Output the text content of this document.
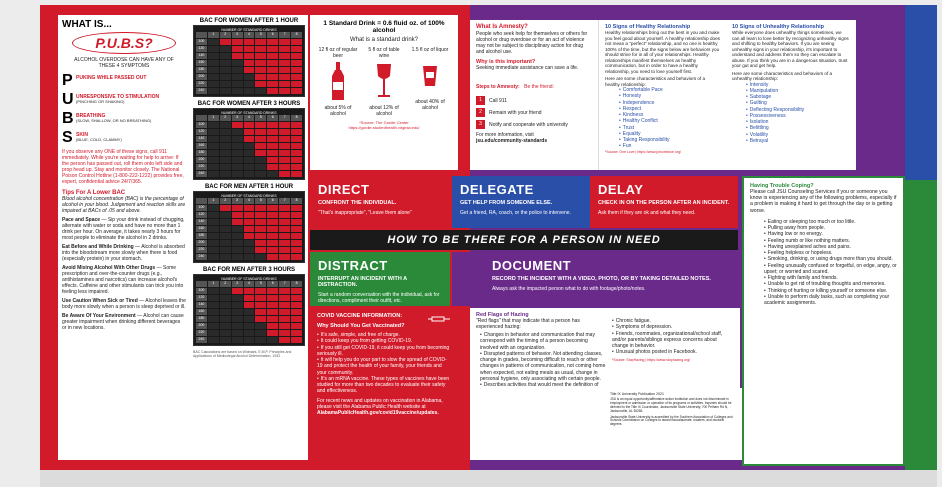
WHAT IS...
P.U.B.S?
ALCOHOL OVERDOSE CAN HAVE ANY OF THESE 4 SYMPTOMS
P PUKING WHILE PASSED OUT
U UNRESPONSIVE TO STIMULATION
(PINCHING OR SHAKING)
B BREATHING
(SLOW, SHALLOW, OR NO BREATHING)
S SKIN
(BLUE, COLD, CLAMMY)
If you observe any ONE of these signs, call 911 immediately. While you're waiting for help to arrive: If the person has passed out, roll them onto left side and prop head up. Stay and monitor closely. The National Poison Control Hotline (1-800-222-1222) provides free, expert, confidential advice 24/7/365.
Tips For A Lower BAC
Blood alcohol concentration (BAC) is the percentage of alcohol in your blood. Judgement and reaction skills are impaired at BACs of .05 and above.
Pace and Space — Sip your drink instead of chugging, alternate with water or soda and have no more than 1 drink per hour. On average, it takes nearly 3 hours for most people to eliminate the alcohol in 2 drinks.
Eat Before and While Drinking — Alcohol is absorbed into the bloodstream more slowly when there is food (especially protein) in your stomach.
Avoid Mixing Alcohol With Other Drugs — Some prescription and over-the-counter drugs (e.g., antihistamines and narcotics) can increase alcohol's effects. Caffeine and other stimulants can trick you into feeling less impaired.
Use Caution When Sick or Tired — Alcohol leaves the body more slowly when a person is sleep deprived or ill.
Be Aware Of Your Environment — Alcohol can cause greater impairment when drinking different beverages or in new locations.
BAC FOR WOMEN AFTER 1 HOUR
NUMBER OF STANDARD DRINKS
1	2	3	4	5	6	7	8
100
120
140
160
180
200
220
240
BAC FOR WOMEN AFTER 3 HOURS
NUMBER OF STANDARD DRINKS
1	2	3	4	5	6	7	8
100
120
140
160
180
200
220
240
BAC FOR MEN AFTER 1 HOUR
NUMBER OF STANDARD DRINKS
1	2	3	4	5	6	7	8
100
120
140
160
180
200
220
240
BAC FOR MEN AFTER 3 HOURS
NUMBER OF STANDARD DRINKS
1	2	3	4	5	6	7	8
100
120
140
160
180
200
220
240
BAC Calculations are based on Widmark, E.M.P. Principles and Applications of Medicolegal Alcohol Determination, 1932
1 Standard Drink = 0.6 fluid oz. of 100% alcohol
What is a standard drink?
12 fl oz of regular beer
about 5% of alcohol
5 fl oz of table wine
about 12% of alcohol
1.5 fl oz of liquor
about 40% of alcohol
*Source: The Gordie Center
https://gordie.studenthealth.virginia.edu/
What Is Amnesty?
People who seek help for themselves or others for alcohol or drug overdose or for an act of violence may not be subject to disciplinary action for drug and alcohol use.
Why is this important?
Seeking immediate assistance can save a life.
Steps to Amnesty: Be the friend:
1	Call 911
2	Remain with your friend
3	Notify and cooperate with university
For more information, visit
jsu.edu/community-standards
10 Signs of Healthy Relationship
Healthy relationships bring out the best in you and make you feel good about yourself. A healthy relationship does not mean a "perfect" relationship, and no one is healthy 100% of the time, but the signs below are behaviors you should strive for in all of your relationships. Healthy relationships manifest themselves as healthy communication, but in order to have a healthy relationship, you need to love yourself first.
Here are some characteristics and behaviors of a healthy relationship:
• Comfortable Pace
• Honesty
• Independence
• Respect
• Kindness
• Healthy Conflict
• Trust
• Equality
• Taking Responsibility
• Fun
*Source: One Love | https://www.joinonelove.org/
10 Signs of Unhealthy Relationship
While everyone does unhealthy things sometimes, we can all learn to love better by recognizing unhealthy signs and shifting to healthy behaviors. If you are seeing unhealthy signs in your relationship, it's important to understand and address them so they can escalate to abuse. If you think you are in a dangerous situation, trust your gut and get help.
Here are some characteristics and behaviors of a unhealthy relationship:
• Intensity
• Manipulation
• Sabotage
• Guilting
• Deflecting Responsibility
• Possessiveness
• Isolation
• Belittling
• Volatility
• Betrayal
DIRECT
CONFRONT THE INDIVIDUAL.
"That's inappropriate", "Leave them alone"
DELEGATE
GET HELP FROM SOMEONE ELSE.
Get a friend, RA, coach, or the police to intervene.
DELAY
CHECK IN ON THE PERSON AFTER AN INCIDENT.
Ask them if they are ok and what they need.
HOW TO BE THERE FOR A PERSON IN NEED
DISTRACT
INTERRUPT AN INCIDENT WITH A DISTRACTION.
Start a random conversation with the individual, ask for directions, compliment their outfit, etc.
DOCUMENT
RECORD THE INCIDENT WITH A VIDEO, PHOTO, OR BY TAKING DETAILED NOTES.
Always ask the impacted person what to do with footage/photo/notes.
Having Trouble Coping?
Please call JSU Counseling Services if you or someone you know is experiencing any of the following problems, especially if a problem is making it hard to get through the day or is getting worse.
• Eating or sleeping too much or too little.
• Pulling away from people.
• Having low or no energy.
• Feeling numb or like nothing matters.
• Having unexplained aches and pains.
• Feeling helpless or hopeless.
• Smoking, drinking, or using drugs more than you should.
• Feeling unusually confused or forgetful, on edge, angry, or upset; or worried and scared.
• Fighting with family and friends.
• Unable to get rid of troubling thoughts and memories.
• Thinking of hurting or killing yourself or someone else.
• Unable to perform daily tasks, such as completing your academic assignments.
COVID VACCINE INFORMATION:
Why Should You Get Vaccinated?
• It's safe, simple, and free of charge.
• It could keep you from getting COVID-19.
• If you still get COVID-19, it could keep you from becoming seriously ill.
• It will help you do your part to slow the spread of COVID-19 and protect the health of your family, your friends and your community.
• It's an mRNA vaccine. These types of vaccines have been studied for more than two decades to evaluate their safety and effectiveness.
For recent news and updates on vaccination in Alabama, please visit the Alabama Public Health website at
AlabamaPublicHealth.gov/covid19vaccine/updates.
Red Flags of Hazing
"Red flags" that may indicate that a person has experienced hazing:
• Changes in behavior and communication that may correspond with the timing of a person becoming involved with an organization.
• Disrupted patterns of behavior. Not attending classes, change in grades, becoming difficult to reach or other changes in patterns of communication, not coming home when expected, not eating meals as usual, change in personal hygiene, only associating with certain people.
• Describes activities that would meet the definition of
• Chronic fatigue.
• Symptoms of depression.
• Friends, roommates, organizational/school staff, and/or parents/siblings express concerns about change in behavior.
• Unusual photos posted in Facebook.
*Source: StopHazing | https://www.stophazing.org/
Title IX University Publication 2021
JSU is an equal opportunity/affirmative action institution and does not discriminate in employment or admission or operation of its programs or activities. Inquiries should be directed to the Title IX Coordinator, Jacksonville State University, 700 Pelham Rd N, Jacksonville, AL 36265.
Jacksonville State University is accredited by the Southern Association of Colleges and Schools Commission on Colleges to award baccalaureate, masters, and doctoral degrees.
